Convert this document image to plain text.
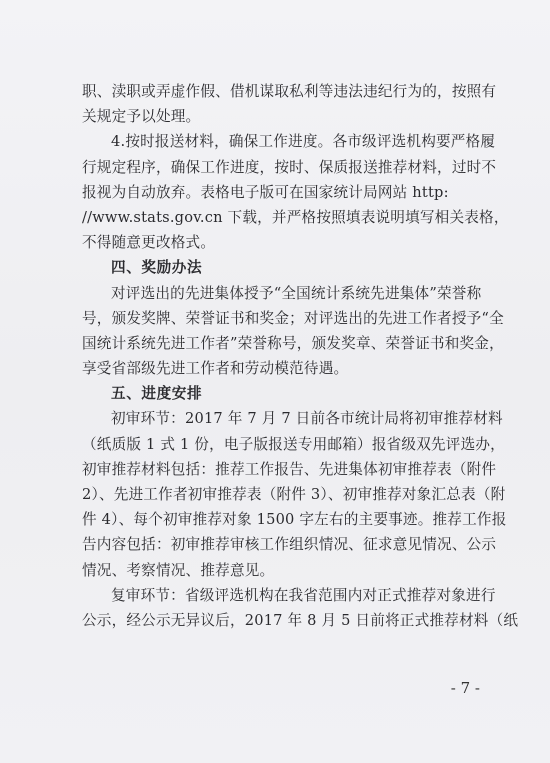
职、渎职或弄虚作假、借机谋取私利等违法违纪行为的，按照有
关规定予以处理。
4.按时报送材料，确保工作进度。各市级评选机构要严格履
行规定程序，确保工作进度，按时、保质报送推荐材料，过时不
报视为自动放弃。表格电子版可在国家统计局网站 http:
//www.stats.gov.cn 下载，并严格按照填表说明填写相关表格，
不得随意更改格式。
四、奖励办法
对评选出的先进集体授予“全国统计系统先进集体”荣誉称
号，颁发奖牌、荣誉证书和奖金；对评选出的先进工作者授予“全
国统计系统先进工作者”荣誉称号，颁发奖章、荣誉证书和奖金，
享受省部级先进工作者和劳动模范待遇。
五、进度安排
初审环节：2017 年 7 月 7 日前各市统计局将初审推荐材料
（纸质版 1 式 1 份，电子版报送专用邮箱）报省级双先评选办，
初审推荐材料包括：推荐工作报告、先进集体初审推荐表（附件
2）、先进工作者初审推荐表（附件 3）、初审推荐对象汇总表（附
件 4）、每个初审推荐对象 1500 字左右的主要事迹。推荐工作报
告内容包括：初审推荐审核工作组织情况、征求意见情况、公示
情况、考察情况、推荐意见。
复审环节：省级评选机构在我省范围内对正式推荐对象进行
公示，经公示无异议后，2017 年 8 月 5 日前将正式推荐材料（纸
- 7 -
